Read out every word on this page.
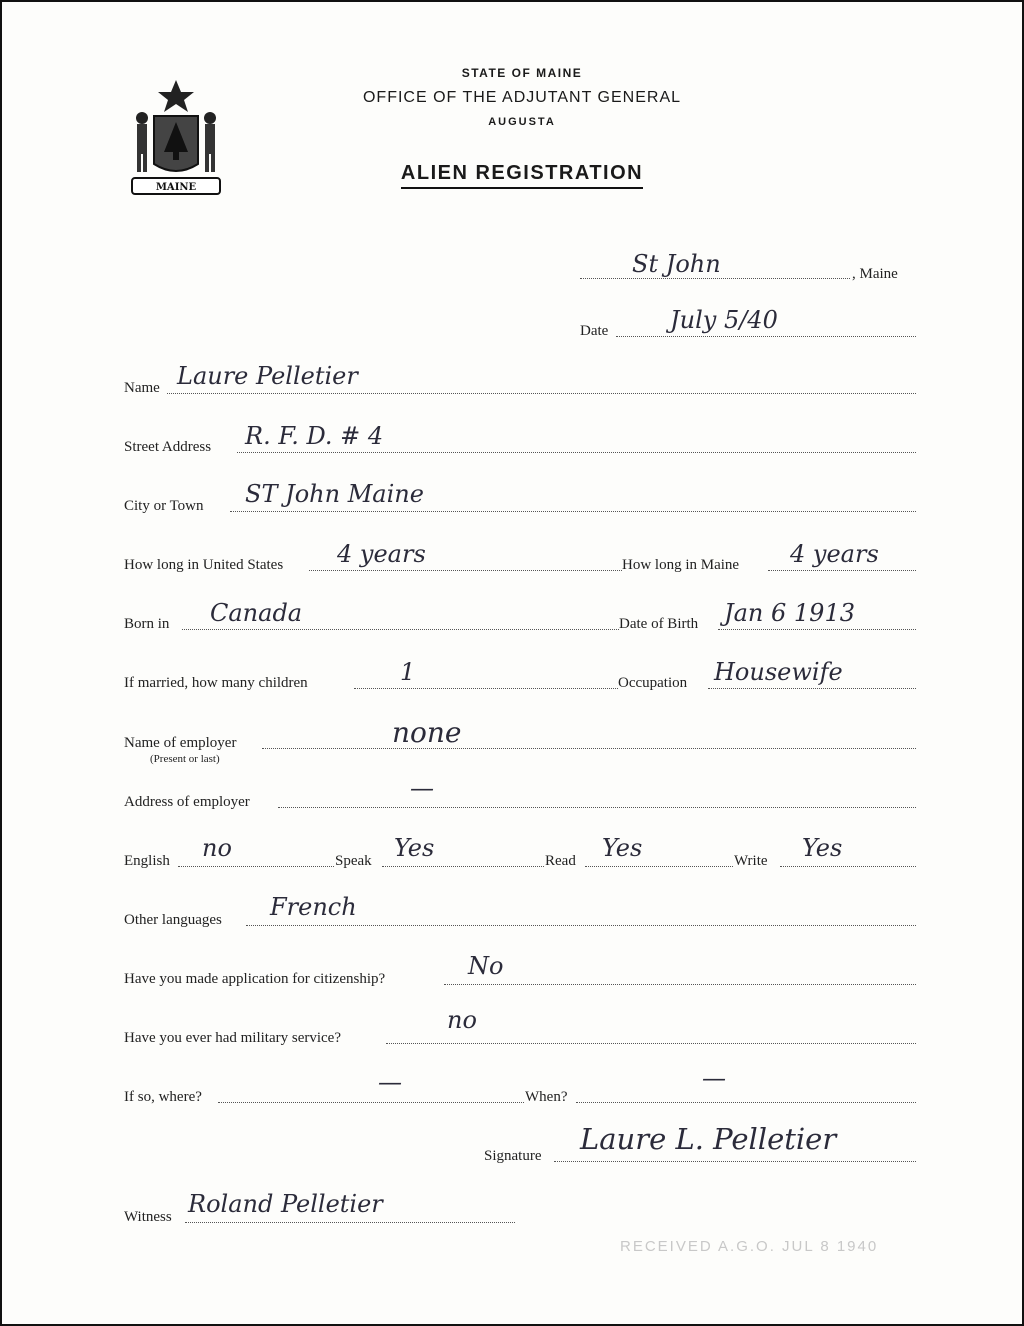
MAINE
STATE OF MAINE
OFFICE OF THE ADJUTANT GENERAL
AUGUSTA
ALIEN REGISTRATION
St John	, Maine
Date	July 5/40
Name Laure Pelletier
Street Address R. F. D. # 4
City or Town ST John Maine
How long in United States 4 years	How long in Maine 4 years
Born in Canada	Date of Birth Jan 6 1913
If married, how many children	1	Occupation Housewife
Name of employer
(Present or last)
none
Address of employer	—
English no	Speak Yes	Read Yes	Write Yes
Other languages French
Have you made application for citizenship?	No
Have you ever had military service?
no
If so, where?
—
When?
—
Signature Laure L. Pelletier
Witness Roland Pelletier
RECEIVED A.G.O. JUL 8 1940
